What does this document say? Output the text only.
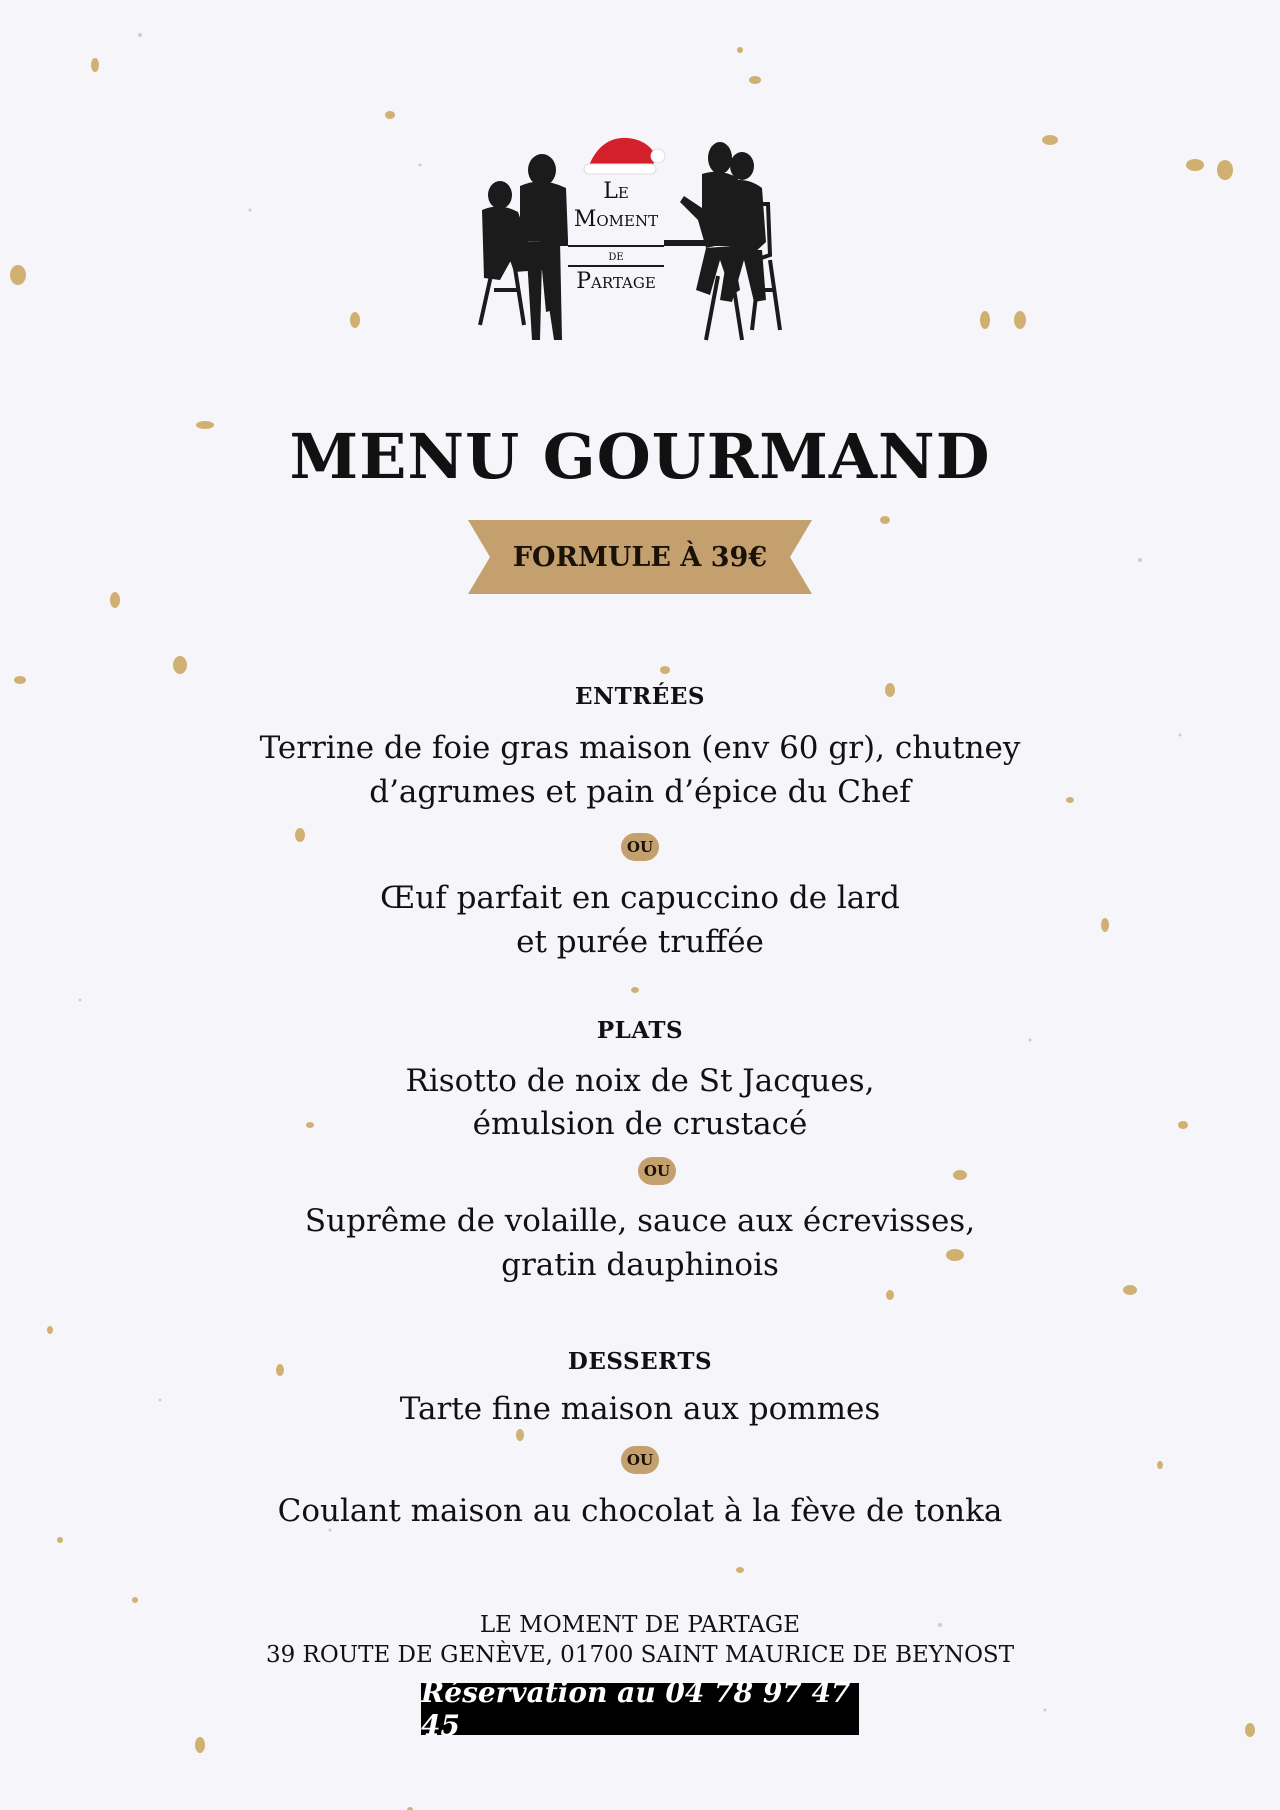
Le
Moment
de
Partage
MENU GOURMAND
FORMULE À 39€
ENTRÉES
Terrine de foie gras maison (env 60 gr), chutney
d’agrumes et pain d’épice du Chef
OU
Œuf parfait en capuccino de lard
et purée truffée
PLATS
Risotto de noix de St Jacques,
émulsion de crustacé
OU
Suprême de volaille, sauce aux écrevisses,
gratin dauphinois
DESSERTS
Tarte fine maison aux pommes
OU
Coulant maison au chocolat à la fève de tonka
LE MOMENT DE PARTAGE
39 ROUTE DE GENÈVE, 01700 SAINT MAURICE DE BEYNOST
Réservation au 04 78 97 47 45
